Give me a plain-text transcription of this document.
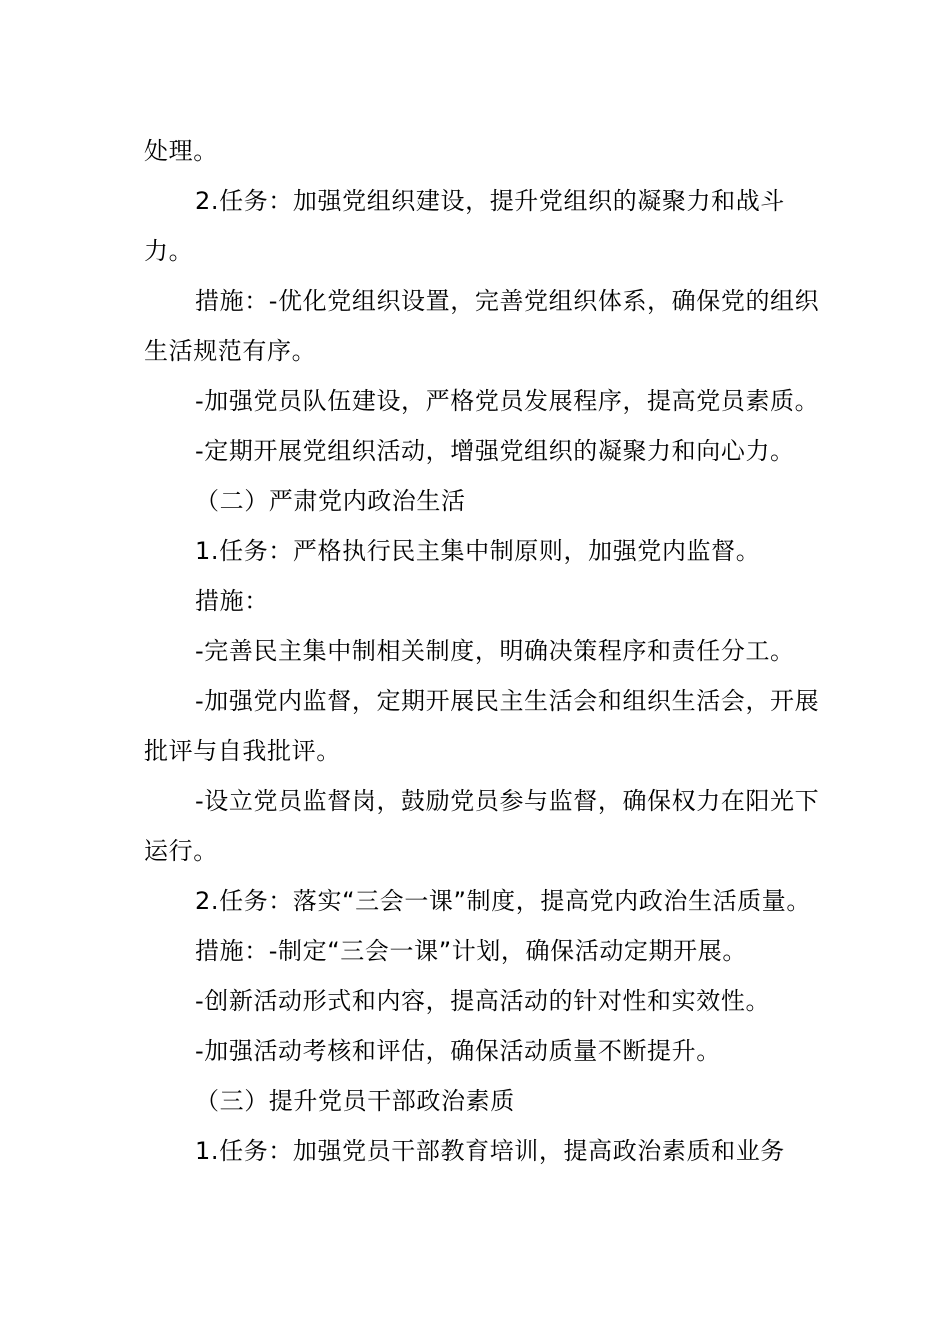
处理。

2.任务：加强党组织建设，提升党组织的凝聚力和战斗力。

措施：-优化党组织设置，完善党组织体系，确保党的组织生活规范有序。

-加强党员队伍建设，严格党员发展程序，提高党员素质。

-定期开展党组织活动，增强党组织的凝聚力和向心力。

（二）严肃党内政治生活

1.任务：严格执行民主集中制原则，加强党内监督。

措施：

-完善民主集中制相关制度，明确决策程序和责任分工。

-加强党内监督，定期开展民主生活会和组织生活会，开展批评与自我批评。

-设立党员监督岗，鼓励党员参与监督，确保权力在阳光下运行。

2.任务：落实“三会一课”制度，提高党内政治生活质量。

措施：-制定“三会一课”计划，确保活动定期开展。

-创新活动形式和内容，提高活动的针对性和实效性。

-加强活动考核和评估，确保活动质量不断提升。

（三）提升党员干部政治素质

1.任务：加强党员干部教育培训，提高政治素质和业务
